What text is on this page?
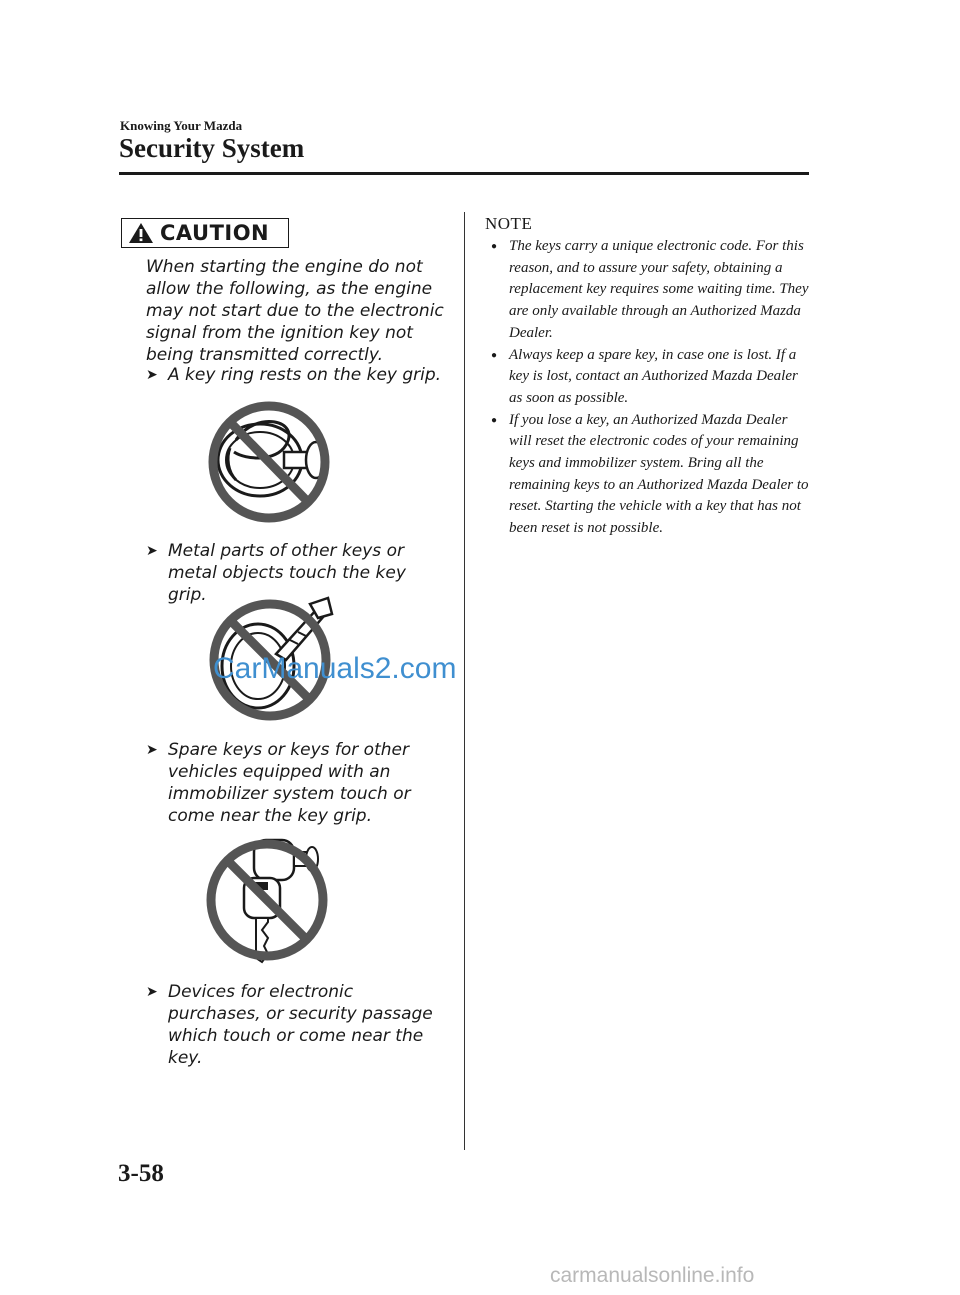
Knowing Your Mazda
Security System
CAUTION

When starting the engine do not allow the following, as the engine may not start due to the electronic signal from the ignition key not being transmitted correctly.

➤ A key ring rests on the key grip.
➤ Metal parts of other keys or metal objects touch the key grip.
CarManuals2.com
➤ Spare keys or keys for other vehicles equipped with an immobilizer system touch or come near the key grip.
➤ Devices for electronic purchases, or security passage which touch or come near the key.
NOTE
● The keys carry a unique electronic code. For this reason, and to assure your safety, obtaining a replacement key requires some waiting time. They are only available through an Authorized Mazda Dealer.
● Always keep a spare key, in case one is lost. If a key is lost, contact an Authorized Mazda Dealer as soon as possible.
● If you lose a key, an Authorized Mazda Dealer will reset the electronic codes of your remaining keys and immobilizer system. Bring all the remaining keys to an Authorized Mazda Dealer to reset. Starting the vehicle with a key that has not been reset is not possible.
3-58
carmanualsonline.info
